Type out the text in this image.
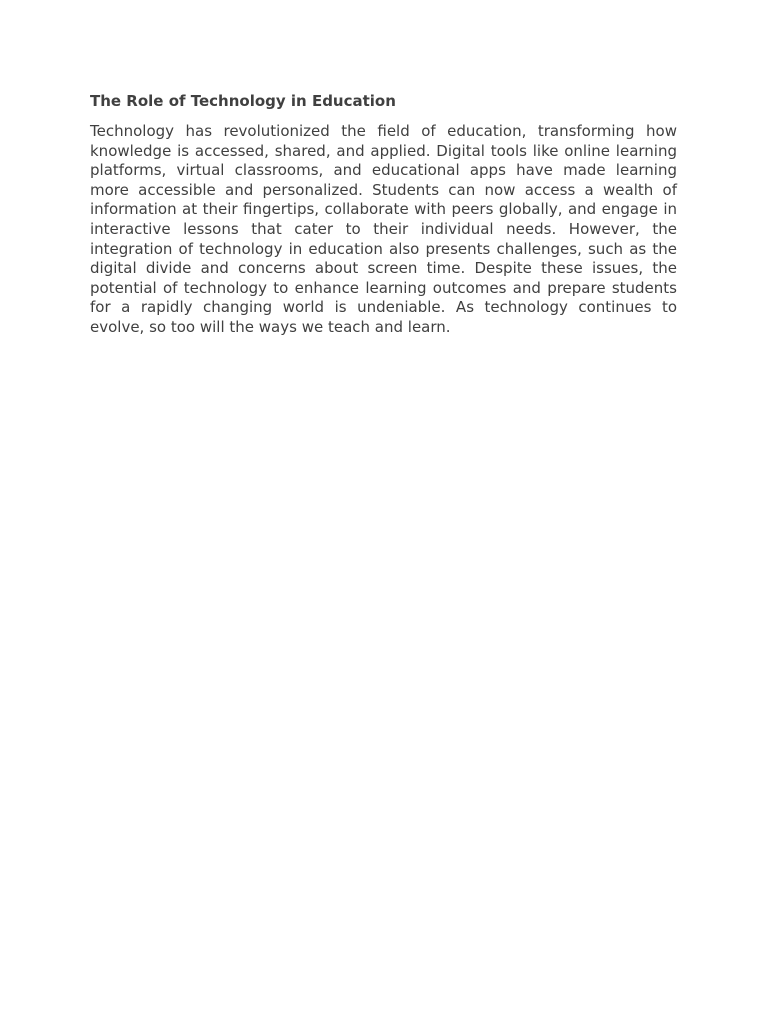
The Role of Technology in Education

Technology has revolutionized the field of education, transforming how knowledge is accessed, shared, and applied. Digital tools like online learning platforms, virtual classrooms, and educational apps have made learning more accessible and personalized. Students can now access a wealth of information at their fingertips, collaborate with peers globally, and engage in interactive lessons that cater to their individual needs. However, the integration of technology in education also presents challenges, such as the digital divide and concerns about screen time. Despite these issues, the potential of technology to enhance learning outcomes and prepare students for a rapidly changing world is undeniable. As technology continues to evolve, so too will the ways we teach and learn.
